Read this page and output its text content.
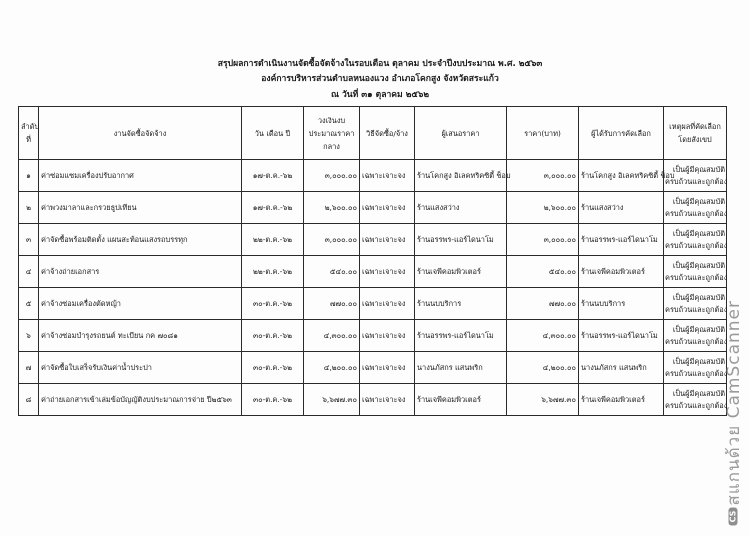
สรุปผลการดำเนินงานจัดซื้อจัดจ้างในรอบเดือน ตุลาคม ประจำปีงบประมาณ พ.ศ. ๒๕๖๓
องค์การบริหารส่วนตำบลหนองแวง อำเภอโคกสูง จังหวัดสระแก้ว
ณ วันที่ ๓๑ ตุลาคม ๒๕๖๒
ลำดับที่	งานจัดซื้อจัดจ้าง	วัน เดือน ปี	วงเงินงบประมาณราคากลาง	วิธีจัดซื้อ/จ้าง	ผู้เสนอราคา	ราคา(บาท)	ผู้ได้รับการคัดเลือก	เหตุผลที่คัดเลือกโดยสังเขป
๑	ค่าซ่อมแซมเครื่องปรับอากาศ	๑๗-ต.ค.-๖๒	๓,๐๐๐.๐๐	เฉพาะเจาะจง	ร้านโคกสูง อิเลคทริคซิตี้ ช็อบ	๓,๐๐๐.๐๐	ร้านโคกสูง อิเลคทริคซิตี้ ช็อบ	เป็นผู้มีคุณสมบัติ
ครบถ้วนและถูกต้อง

๒	ค่าพวงมาลาและกรวยธูปเทียน	๑๗-ต.ค.-๖๒	๒,๖๐๐.๐๐	เฉพาะเจาะจง	ร้านแสงสว่าง	๒,๖๐๐.๐๐	ร้านแสงสว่าง	เป็นผู้มีคุณสมบัติ
ครบถ้วนและถูกต้อง

๓	ค่าจัดซื้อพร้อมติดตั้ง แผนสะท้อนแสงรถบรรทุก	๒๒-ต.ค.-๖๒	๓,๐๐๐.๐๐	เฉพาะเจาะจง	ร้านอรรพร-แอร์ไดนาโม	๓,๐๐๐.๐๐	ร้านอรรพร-แอร์ไดนาโม	เป็นผู้มีคุณสมบัติ
ครบถ้วนและถูกต้อง

๔	ค่าจ้างถ่ายเอกสาร	๒๒-ต.ค.-๖๒	๕๔๐.๐๐	เฉพาะเจาะจง	ร้านเจพีคอมพิวเตอร์	๕๔๐.๐๐	ร้านเจพีคอมพิวเตอร์	เป็นผู้มีคุณสมบัติ
ครบถ้วนและถูกต้อง

๕	ค่าจ้างซ่อมเครื่องตัดหญ้า	๓๐-ต.ค.-๖๒	๗๗๐.๐๐	เฉพาะเจาะจง	ร้านนบบริการ	๗๗๐.๐๐	ร้านนบบริการ	เป็นผู้มีคุณสมบัติ
ครบถ้วนและถูกต้อง

๖	ค่าจ้างซ่อมบำรุงรถยนต์ ทะเบียน กค ๗๐๘๑	๓๐-ต.ค.-๖๒	๔,๓๐๐.๐๐	เฉพาะเจาะจง	ร้านอรรพร-แอร์ไดนาโม	๔,๓๐๐.๐๐	ร้านอรรพร-แอร์ไดนาโม	เป็นผู้มีคุณสมบัติ
ครบถ้วนและถูกต้อง

๗	ค่าจัดซื้อใบเสร็จรับเงินค่าน้ำประปา	๓๐-ต.ค.-๖๒	๔,๒๐๐.๐๐	เฉพาะเจาะจง	นางนภัสกร แสนพริก	๔,๒๐๐.๐๐	นางนภัสกร แสนพริก	เป็นผู้มีคุณสมบัติ
ครบถ้วนและถูกต้อง

๘	ค่าถ่ายเอกสารเข้าเล่มข้อบัญญัติงบประมาณการจ่าย ปี๒๕๖๓	๓๐-ต.ค.-๖๒	๖,๖๗๗.๓๐	เฉพาะเจาะจง	ร้านเจพีคอมพิวเตอร์	๖,๖๗๗.๓๐	ร้านเจพีคอมพิวเตอร์	เป็นผู้มีคุณสมบัติ
ครบถ้วนและถูกต้อง
สแกนด้วย CamScanner
CS
